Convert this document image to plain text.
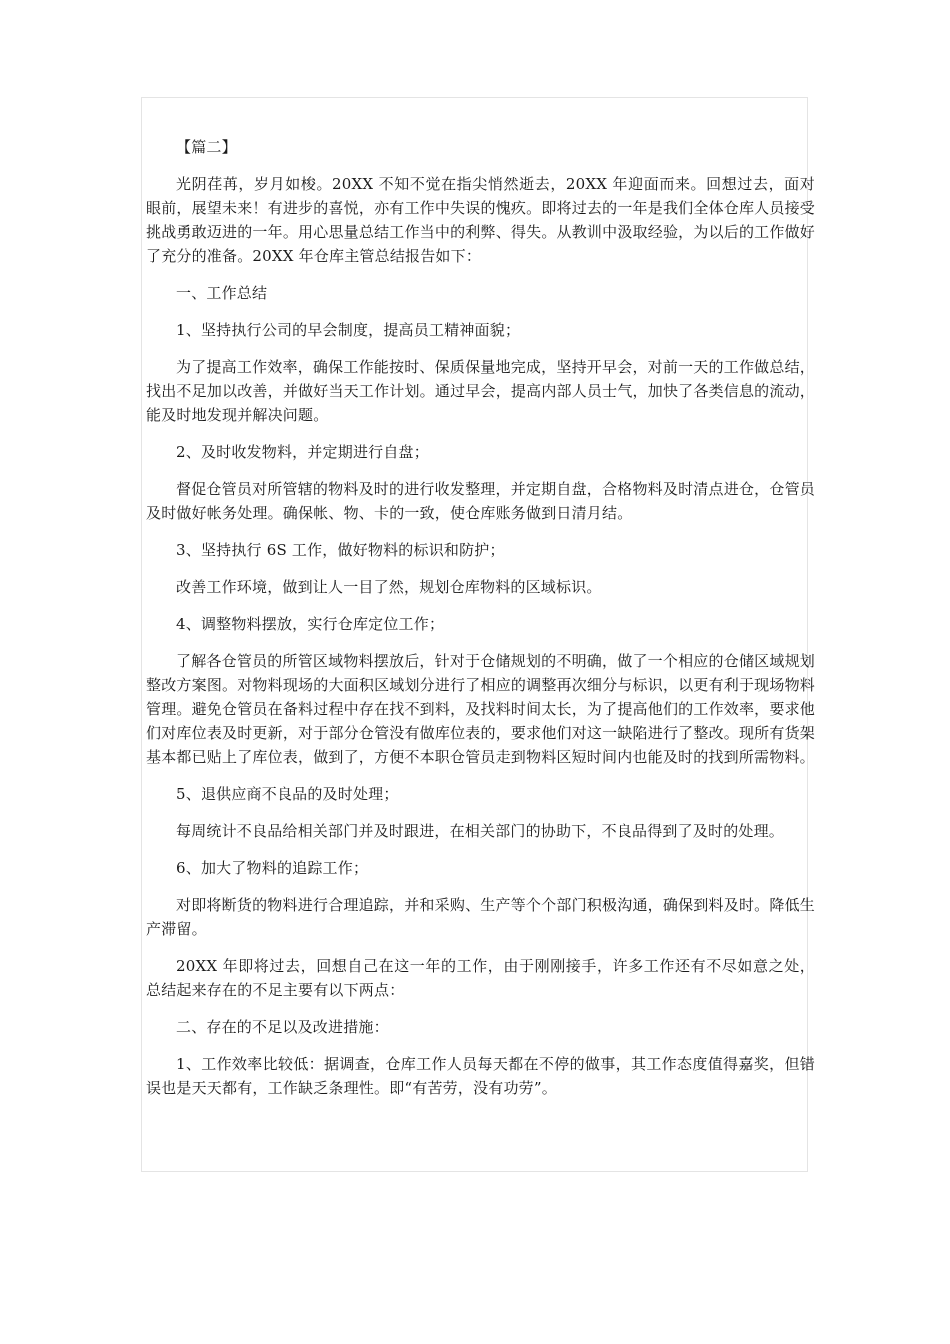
【篇二】

光阴荏苒，岁月如梭。20XX 不知不觉在指尖悄然逝去，20XX 年迎面而来。回想过去，面对眼前，展望未来！有进步的喜悦，亦有工作中失误的愧疚。即将过去的一年是我们全体仓库人员接受挑战勇敢迈进的一年。用心思量总结工作当中的利弊、得失。从教训中汲取经验，为以后的工作做好了充分的准备。20XX 年仓库主管总结报告如下：

一、工作总结

1、坚持执行公司的早会制度，提高员工精神面貌；

为了提高工作效率，确保工作能按时、保质保量地完成，坚持开早会，对前一天的工作做总结，找出不足加以改善，并做好当天工作计划。通过早会，提高内部人员士气，加快了各类信息的流动，能及时地发现并解决问题。

2、及时收发物料，并定期进行自盘；

督促仓管员对所管辖的物料及时的进行收发整理，并定期自盘，合格物料及时清点进仓，仓管员及时做好帐务处理。确保帐、物、卡的一致，使仓库账务做到日清月结。

3、坚持执行 6S 工作，做好物料的标识和防护；

改善工作环境，做到让人一目了然，规划仓库物料的区域标识。

4、调整物料摆放，实行仓库定位工作；

了解各仓管员的所管区域物料摆放后，针对于仓储规划的不明确，做了一个相应的仓储区域规划整改方案图。对物料现场的大面积区域划分进行了相应的调整再次细分与标识，以更有利于现场物料管理。避免仓管员在备料过程中存在找不到料，及找料时间太长，为了提高他们的工作效率，要求他们对库位表及时更新，对于部分仓管没有做库位表的，要求他们对这一缺陷进行了整改。现所有货架基本都已贴上了库位表，做到了，方便不本职仓管员走到物料区短时间内也能及时的找到所需物料。

5、退供应商不良品的及时处理；

每周统计不良品给相关部门并及时跟进，在相关部门的协助下，不良品得到了及时的处理。

6、加大了物料的追踪工作；

对即将断货的物料进行合理追踪，并和采购、生产等个个部门积极沟通，确保到料及时。降低生产滞留。

20XX 年即将过去，回想自己在这一年的工作，由于刚刚接手，许多工作还有不尽如意之处，总结起来存在的不足主要有以下两点：

二、存在的不足以及改进措施：

1、工作效率比较低：据调查，仓库工作人员每天都在不停的做事，其工作态度值得嘉奖，但错误也是天天都有，工作缺乏条理性。即“有苦劳，没有功劳”。
